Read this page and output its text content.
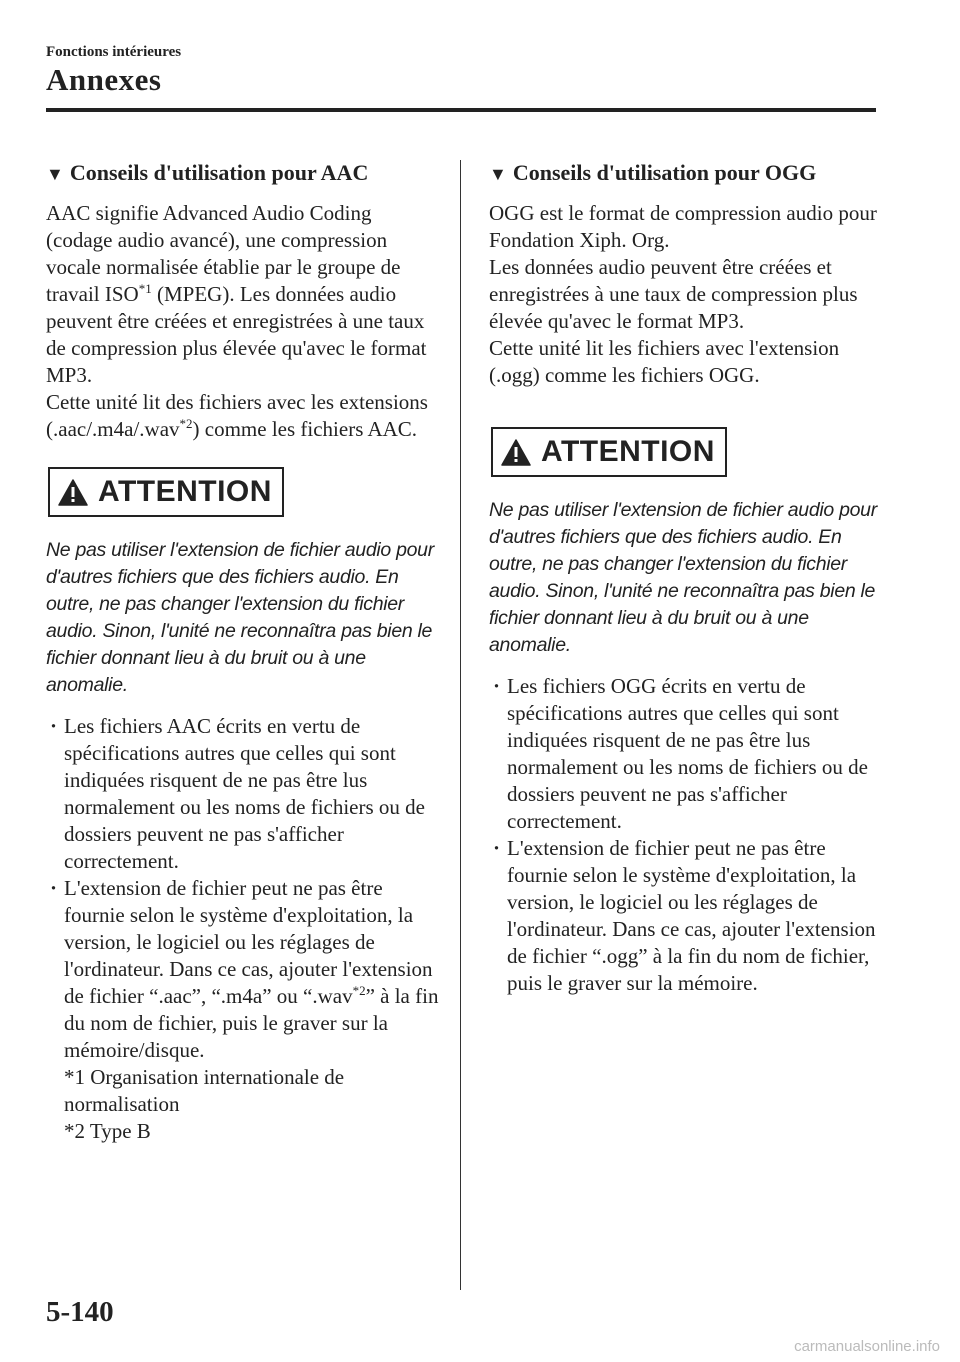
Fonctions intérieures
Annexes
▼ Conseils d'utilisation pour AAC

AAC signifie Advanced Audio Coding (codage audio avancé), une compression vocale normalisée établie par le groupe de travail ISO$^{*1}$ (MPEG). Les données audio peuvent être créées et enregistrées à une taux de compression plus élevée qu'avec le format MP3.

Cette unité lit des fichiers avec les extensions (.aac/.m4a/.wav$^{*2}$) comme les fichiers AAC.

ATTENTION

Ne pas utiliser l'extension de fichier audio pour d'autres fichiers que des fichiers audio. En outre, ne pas changer l'extension du fichier audio. Sinon, l'unité ne reconnaîtra pas bien le fichier donnant lieu à du bruit ou à une anomalie.

· Les fichiers AAC écrits en vertu de spécifications autres que celles qui sont indiquées risquent de ne pas être lus normalement ou les noms de fichiers ou de dossiers peuvent ne pas s'afficher correctement.
· L'extension de fichier peut ne pas être fournie selon le système d'exploitation, la version, le logiciel ou les réglages de l'ordinateur. Dans ce cas, ajouter l'extension de fichier “.aac”, “.m4a” ou “.wav$^{*2}$” à la fin du nom de fichier, puis le graver sur la mémoire/disque.
*1 Organisation internationale de normalisation
*2 Type B
▼ Conseils d'utilisation pour OGG

OGG est le format de compression audio pour Fondation Xiph. Org.

Les données audio peuvent être créées et enregistrées à une taux de compression plus élevée qu'avec le format MP3.

Cette unité lit les fichiers avec l'extension (.ogg) comme les fichiers OGG.

ATTENTION

Ne pas utiliser l'extension de fichier audio pour d'autres fichiers que des fichiers audio. En outre, ne pas changer l'extension du fichier audio. Sinon, l'unité ne reconnaîtra pas bien le fichier donnant lieu à du bruit ou à une anomalie.

· Les fichiers OGG écrits en vertu de spécifications autres que celles qui sont indiquées risquent de ne pas être lus normalement ou les noms de fichiers ou de dossiers peuvent ne pas s'afficher correctement.
· L'extension de fichier peut ne pas être fournie selon le système d'exploitation, la version, le logiciel ou les réglages de l'ordinateur. Dans ce cas, ajouter l'extension de fichier “.ogg” à la fin du nom de fichier, puis le graver sur la mémoire.
5-140
carmanualsonline.info
